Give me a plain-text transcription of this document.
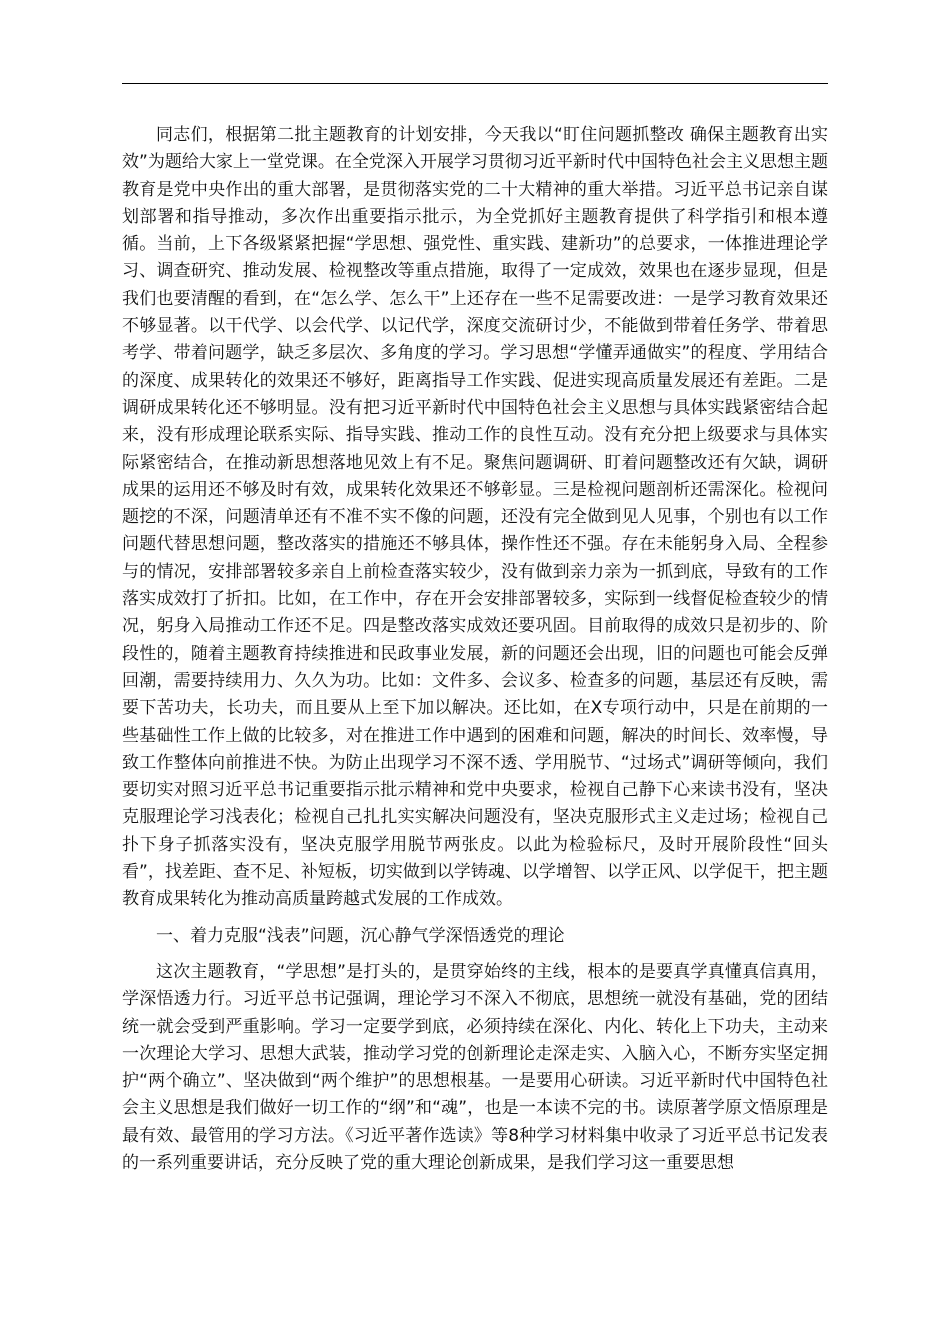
同志们，根据第二批主题教育的计划安排，今天我以“盯住问题抓整改 确保主题教育出实效”为题给大家上一堂党课。在全党深入开展学习贯彻习近平新时代中国特色社会主义思想主题教育是党中央作出的重大部署，是贯彻落实党的二十大精神的重大举措。习近平总书记亲自谋划部署和指导推动，多次作出重要指示批示，为全党抓好主题教育提供了科学指引和根本遵循。当前，上下各级紧紧把握“学思想、强党性、重实践、建新功”的总要求，一体推进理论学习、调查研究、推动发展、检视整改等重点措施，取得了一定成效，效果也在逐步显现，但是我们也要清醒的看到，在“怎么学、怎么干”上还存在一些不足需要改进：一是学习教育效果还不够显著。以干代学、以会代学、以记代学，深度交流研讨少，不能做到带着任务学、带着思考学、带着问题学，缺乏多层次、多角度的学习。学习思想“学懂弄通做实”的程度、学用结合的深度、成果转化的效果还不够好，距离指导工作实践、促进实现高质量发展还有差距。二是调研成果转化还不够明显。没有把习近平新时代中国特色社会主义思想与具体实践紧密结合起来，没有形成理论联系实际、指导实践、推动工作的良性互动。没有充分把上级要求与具体实际紧密结合，在推动新思想落地见效上有不足。聚焦问题调研、盯着问题整改还有欠缺，调研成果的运用还不够及时有效，成果转化效果还不够彰显。三是检视问题剖析还需深化。检视问题挖的不深，问题清单还有不准不实不像的问题，还没有完全做到见人见事，个别也有以工作问题代替思想问题，整改落实的措施还不够具体，操作性还不强。存在未能躬身入局、全程参与的情况，安排部署较多亲自上前检查落实较少，没有做到亲力亲为一抓到底，导致有的工作落实成效打了折扣。比如，在工作中，存在开会安排部署较多，实际到一线督促检查较少的情况，躬身入局推动工作还不足。四是整改落实成效还要巩固。目前取得的成效只是初步的、阶段性的，随着主题教育持续推进和民政事业发展，新的问题还会出现，旧的问题也可能会反弹回潮，需要持续用力、久久为功。比如：文件多、会议多、检查多的问题，基层还有反映，需要下苦功夫，长功夫，而且要从上至下加以解决。还比如，在X专项行动中，只是在前期的一些基础性工作上做的比较多，对在推进工作中遇到的困难和问题，解决的时间长、效率慢，导致工作整体向前推进不快。为防止出现学习不深不透、学用脱节、“过场式”调研等倾向，我们要切实对照习近平总书记重要指示批示精神和党中央要求，检视自己静下心来读书没有，坚决克服理论学习浅表化；检视自己扎扎实实解决问题没有，坚决克服形式主义走过场；检视自己扑下身子抓落实没有，坚决克服学用脱节两张皮。以此为检验标尺，及时开展阶段性“回头看”，找差距、查不足、补短板，切实做到以学铸魂、以学增智、以学正风、以学促干，把主题教育成果转化为推动高质量跨越式发展的工作成效。

一、着力克服“浅表”问题，沉心静气学深悟透党的理论

这次主题教育，“学思想”是打头的，是贯穿始终的主线，根本的是要真学真懂真信真用，学深悟透力行。习近平总书记强调，理论学习不深入不彻底，思想统一就没有基础，党的团结统一就会受到严重影响。学习一定要学到底，必须持续在深化、内化、转化上下功夫，主动来一次理论大学习、思想大武装，推动学习党的创新理论走深走实、入脑入心，不断夯实坚定拥护“两个确立”、坚决做到“两个维护”的思想根基。一是要用心研读。习近平新时代中国特色社会主义思想是我们做好一切工作的“纲”和“魂”，也是一本读不完的书。读原著学原文悟原理是最有效、最管用的学习方法。《习近平著作选读》等8种学习材料集中收录了习近平总书记发表的一系列重要讲话，充分反映了党的重大理论创新成果，是我们学习这一重要思想
